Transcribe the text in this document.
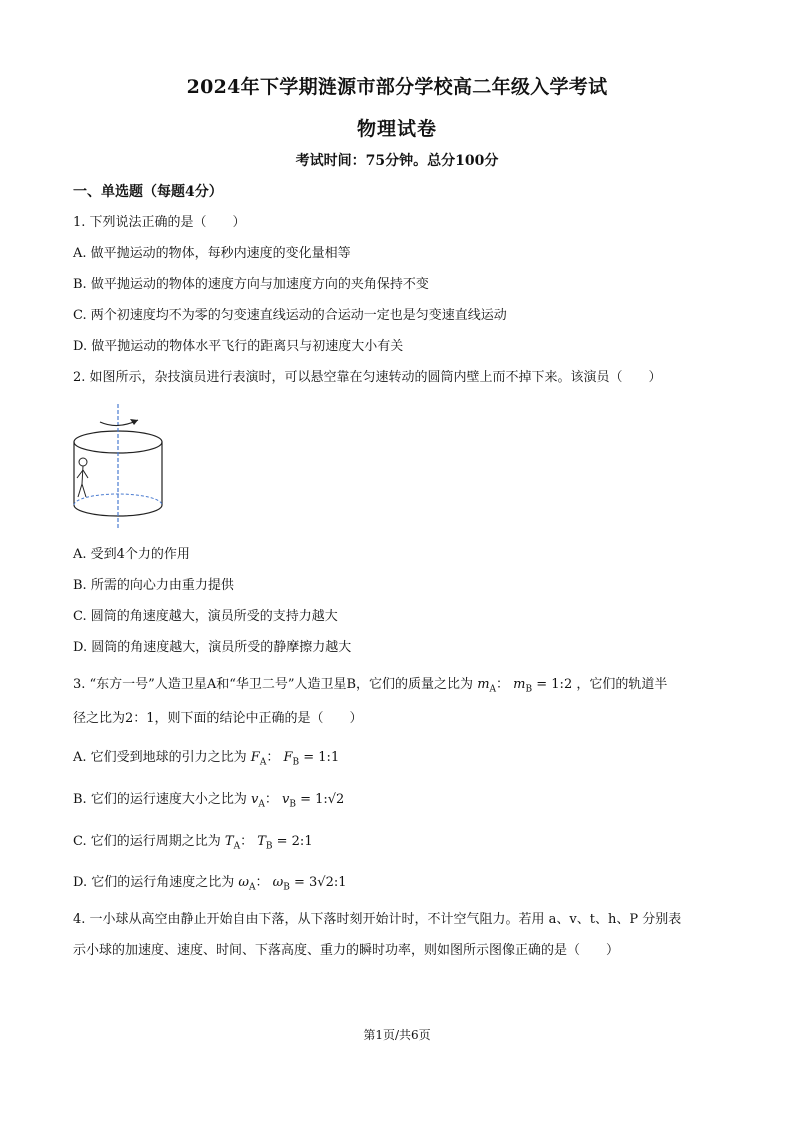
2024年下学期涟源市部分学校高二年级入学考试
物理试卷
考试时间：75分钟。总分100分
一、单选题（每题4分）
1. 下列说法正确的是（　　）
A. 做平抛运动的物体，每秒内速度的变化量相等
B. 做平抛运动的物体的速度方向与加速度方向的夹角保持不变
C. 两个初速度均不为零的匀变速直线运动的合运动一定也是匀变速直线运动
D. 做平抛运动的物体水平飞行的距离只与初速度大小有关
2. 如图所示，杂技演员进行表演时，可以悬空靠在匀速转动的圆筒内壁上而不掉下来。该演员（　　）
A. 受到4个力的作用
B. 所需的向心力由重力提供
C. 圆筒的角速度越大，演员所受的支持力越大
D. 圆筒的角速度越大，演员所受的静摩擦力越大
3. “东方一号”人造卫星A和“华卫二号”人造卫星B，它们的质量之比为 $m_A$： $m_B$ = 1:2 ，它们的轨道半
径之比为2：1，则下面的结论中正确的是（　　）
A. 它们受到地球的引力之比为 $F_A$： $F_B$ = 1:1
B. 它们的运行速度大小之比为 $v_A$： $v_B$ = 1:√2
C. 它们的运行周期之比为 $T_A$： $T_B$ = 2:1
D. 它们的运行角速度之比为 $\omega_A$： $\omega_B$ = 3√2:1
4. 一小球从高空由静止开始自由下落，从下落时刻开始计时，不计空气阻力。若用 a、v、t、h、P 分别表
示小球的加速度、速度、时间、下落高度、重力的瞬时功率，则如图所示图像正确的是（　　）
第1页/共6页
